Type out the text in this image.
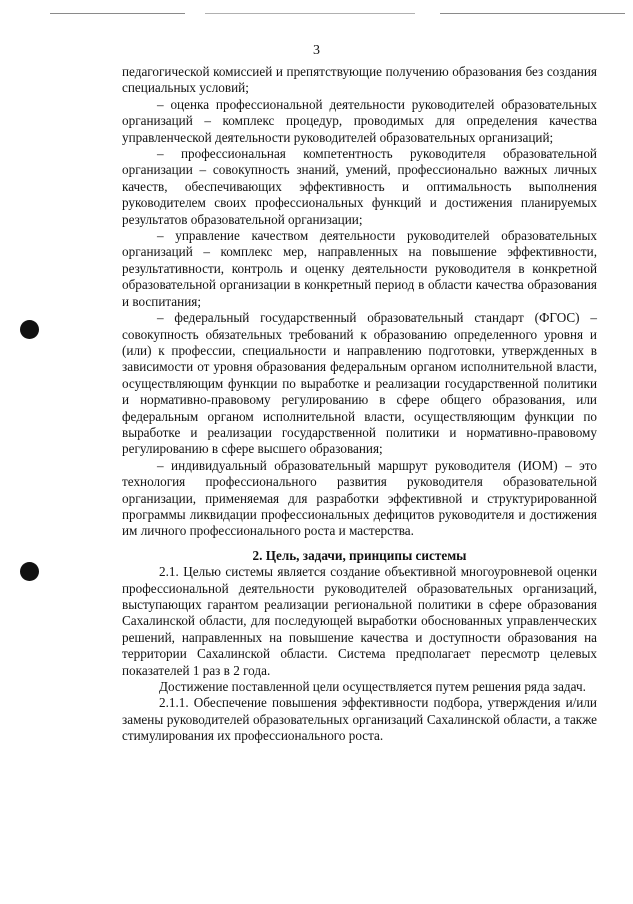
3

педагогической комиссией и препятствующие получению образования без создания специальных условий;

– оценка профессиональной деятельности руководителей образовательных организаций – комплекс процедур, проводимых для определения качества управленческой деятельности руководителей образовательных организаций;

– профессиональная компетентность руководителя образовательной организации – совокупность знаний, умений, профессионально важных личных качеств, обеспечивающих эффективность и оптимальность выполнения руководителем своих профессиональных функций и достижения планируемых результатов образовательной организации;

– управление качеством деятельности руководителей образовательных организаций – комплекс мер, направленных на повышение эффективности, результативности, контроль и оценку деятельности руководителя в конкретной образовательной организации в конкретный период в области качества образования и воспитания;

– федеральный государственный образовательный стандарт (ФГОС) – совокупность обязательных требований к образованию определенного уровня и (или) к профессии, специальности и направлению подготовки, утвержденных в зависимости от уровня образования федеральным органом исполнительной власти, осуществляющим функции по выработке и реализации государственной политики и нормативно-правовому регулированию в сфере общего образования, или федеральным органом исполнительной власти, осуществляющим функции по выработке и реализации государственной политики и нормативно-правовому регулированию в сфере высшего образования;

– индивидуальный образовательный маршрут руководителя (ИОМ) – это технология профессионального развития руководителя образовательной организации, применяемая для разработки эффективной и структурированной программы ликвидации профессиональных дефицитов руководителя и достижения им личного профессионального роста и мастерства.

2. Цель, задачи, принципы системы

2.1. Целью системы является создание объективной многоуровневой оценки профессиональной деятельности руководителей образовательных организаций, выступающих гарантом реализации региональной политики в сфере образования Сахалинской области, для последующей выработки обоснованных управленческих решений, направленных на повышение качества и доступности образования на территории Сахалинской области. Система предполагает пересмотр целевых показателей 1 раз в 2 года.

Достижение поставленной цели осуществляется путем решения ряда задач.

2.1.1. Обеспечение повышения эффективности подбора, утверждения и/или замены руководителей образовательных организаций Сахалинской области, а также стимулирования их профессионального роста.
